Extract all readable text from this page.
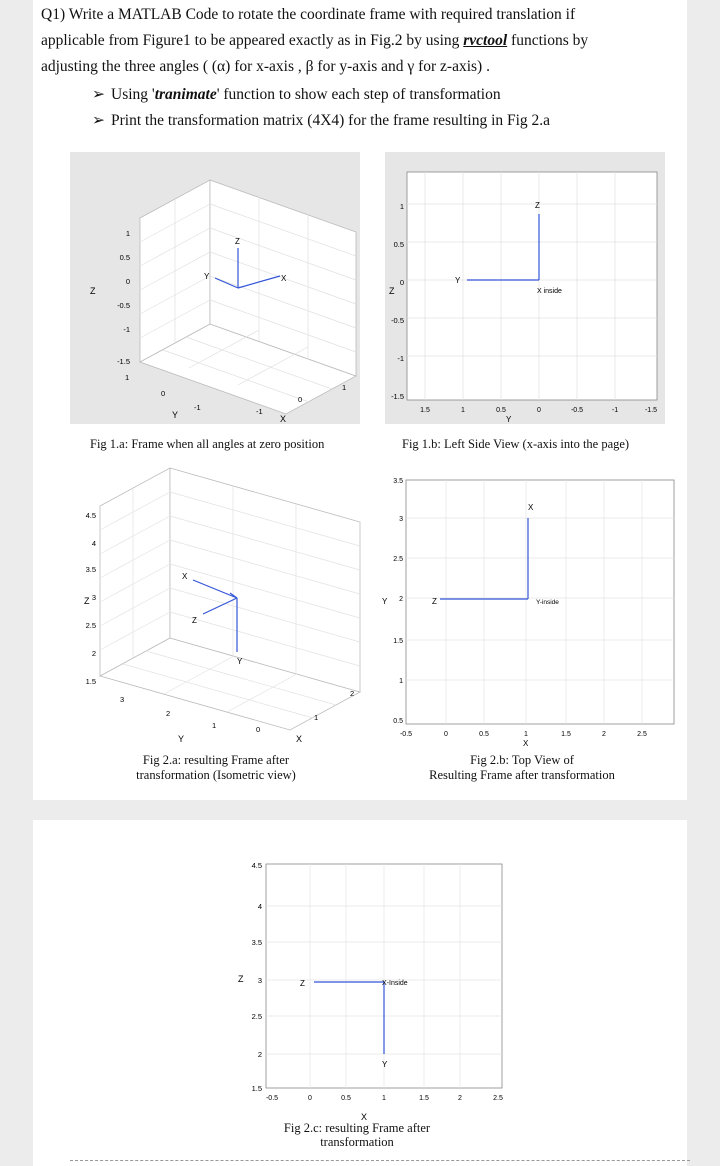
Q1) Write a MATLAB Code to rotate the coordinate frame with required translation if
applicable from Figure1 to be appeared exactly as in Fig.2 by using rvctool functions by
adjusting the three angles ( (α) for x-axis , β for y-axis and γ for z-axis) .
➢ Using 'tranimate' function to show each step of transformation
➢ Print the transformation matrix (4X4) for the frame resulting in Fig 2.a
Z
Y	X
1
0.5
0
-0.5
-1
-1.5
Z
1
0
-1	-1
0
1
Y	X
Fig 1.a: Frame when all angles at zero position
Z
Y
X inside
1
0.5
0
-0.5
-1
-1.5
Z
1.5	1	0.5	0	-0.5	-1	-1.5
Y
Fig 1.b: Left Side View (x-axis into the page)
X
Z
Y
4.5
4
3.5
3
2.5
2
1.5
Z
3
2
1	0
1
2
Y	X
Fig 2.a: resulting Frame after
transformation (Isometric view)
X
Z	Y-inside
3.5
3
2.5
2
1.5
1
0.5
Y
-0.5	0	0.5	1	1.5	2	2.5
X
Fig 2.b: Top View of
Resulting Frame after transformation
Z	X-Inside
Y
4.5
4
3.5
3
2.5
2
1.5
Z
-0.5	0	0.5	1	1.5	2	2.5
X
Fig 2.c: resulting Frame after
transformation
